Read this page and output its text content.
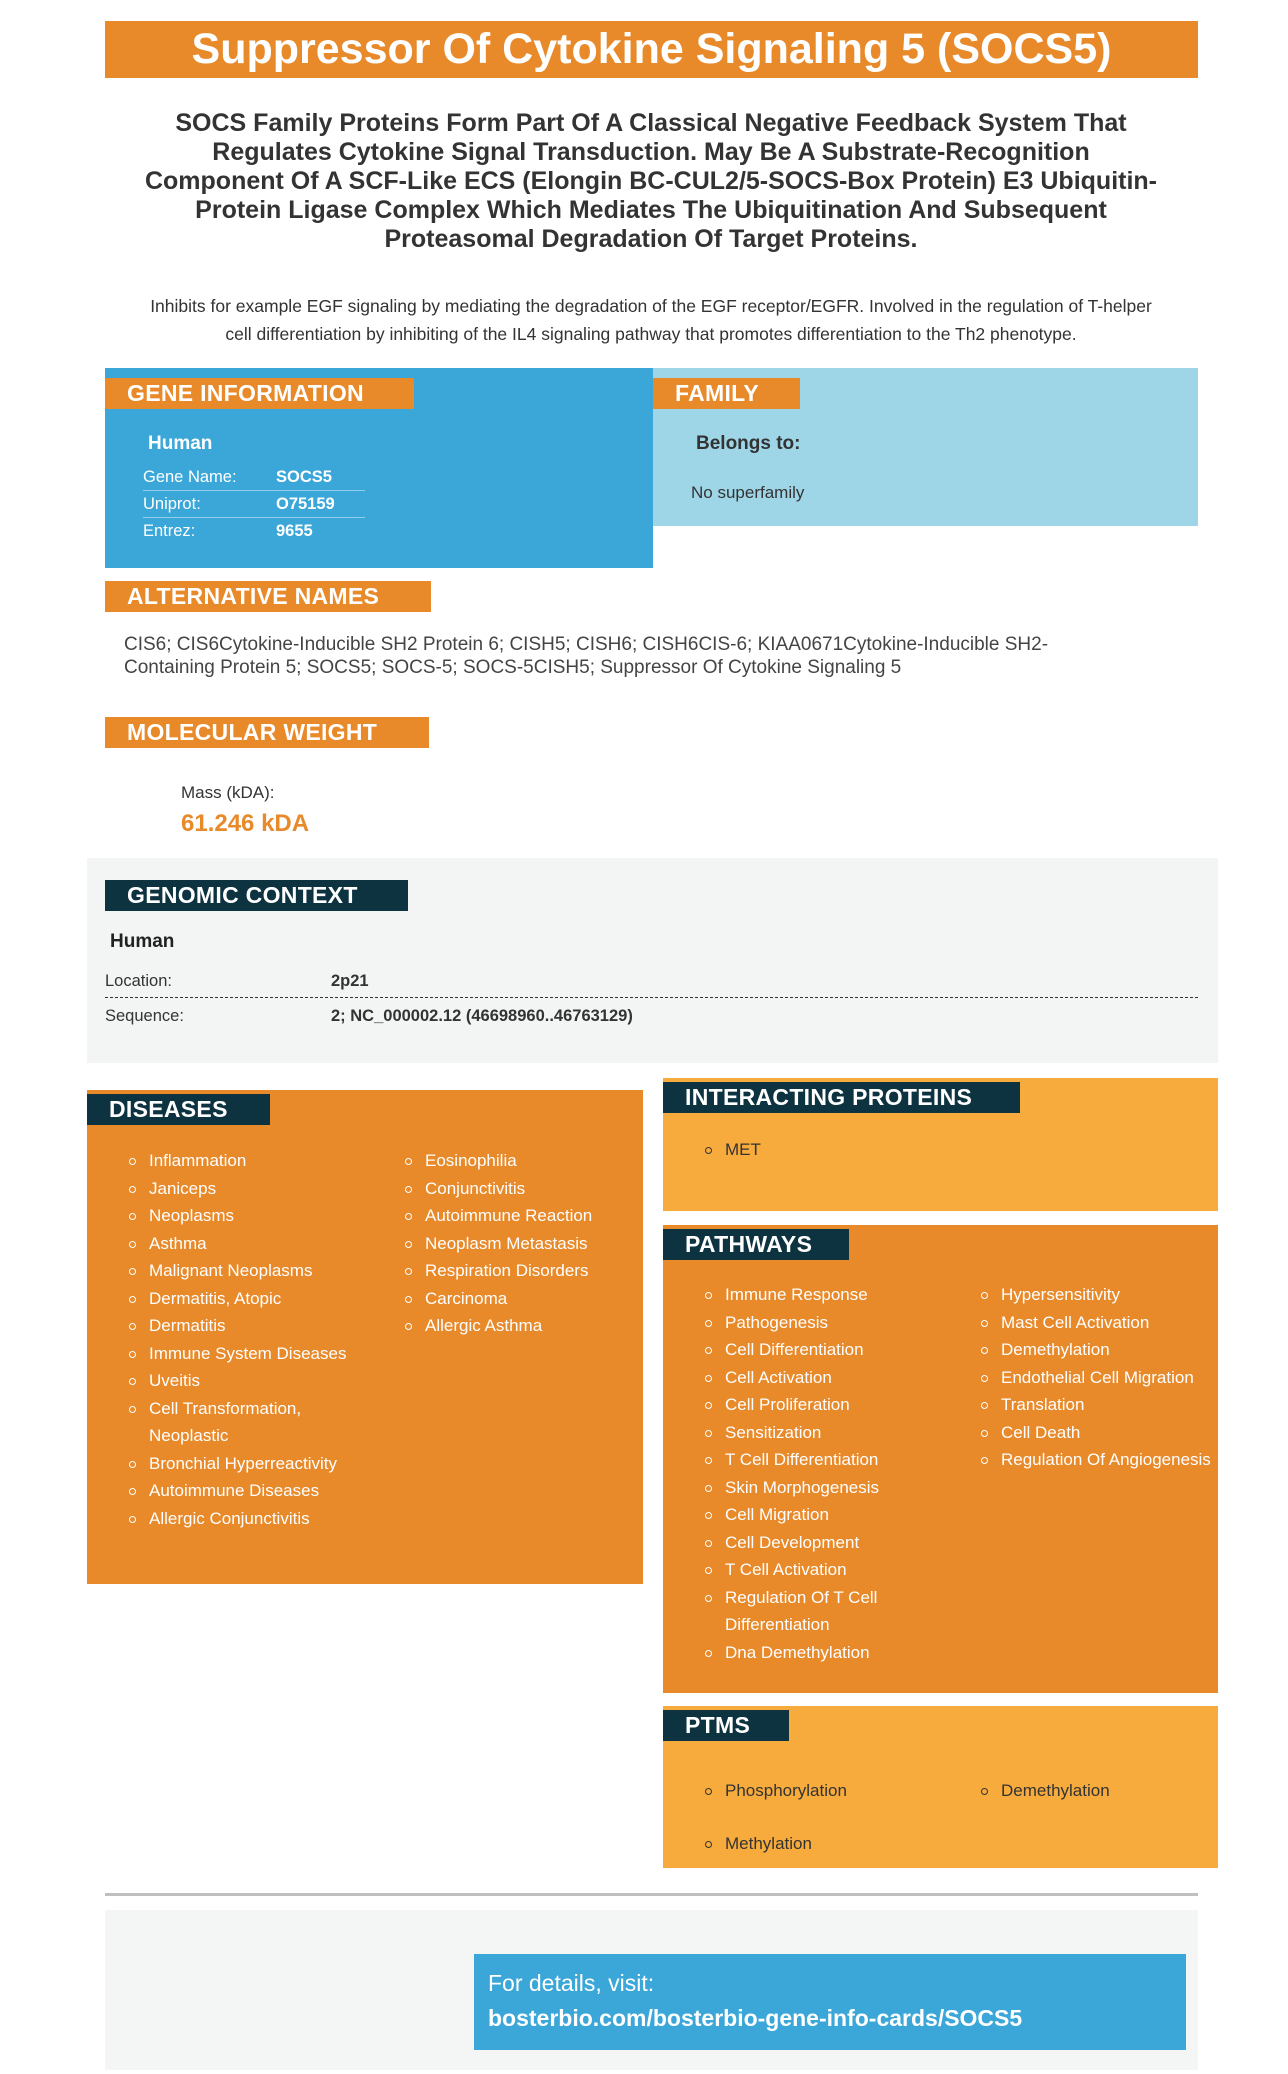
Suppressor Of Cytokine Signaling 5 (SOCS5)
SOCS Family Proteins Form Part Of A Classical Negative Feedback System That Regulates Cytokine Signal Transduction. May Be A Substrate-Recognition Component Of A SCF-Like ECS (Elongin BC-CUL2/5-SOCS-Box Protein) E3 Ubiquitin-Protein Ligase Complex Which Mediates The Ubiquitination And Subsequent Proteasomal Degradation Of Target Proteins.
Inhibits for example EGF signaling by mediating the degradation of the EGF receptor/EGFR. Involved in the regulation of T-helper cell differentiation by inhibiting of the IL4 signaling pathway that promotes differentiation to the Th2 phenotype.
GENE INFORMATION
Human
Gene Name: SOCS5
Uniprot:	O75159
Entrez:	9655
FAMILY
Belongs to:
No superfamily
ALTERNATIVE NAMES
CIS6; CIS6Cytokine-Inducible SH2 Protein 6; CISH5; CISH6; CISH6CIS-6; KIAA0671Cytokine-Inducible SH2-Containing Protein 5; SOCS5; SOCS-5; SOCS-5CISH5; Suppressor Of Cytokine Signaling 5
MOLECULAR WEIGHT
Mass (kDA):
61.246 kDA
GENOMIC CONTEXT
Human
Location:	2p21
Sequence:	2; NC_000002.12 (46698960..46763129)
DISEASES
Inflammation
Janiceps
Neoplasms
Asthma
Malignant Neoplasms
Dermatitis, Atopic
Dermatitis
Immune System Diseases
Uveitis
Cell Transformation, Neoplastic
Bronchial Hyperreactivity
Autoimmune Diseases
Allergic Conjunctivitis
Eosinophilia
Conjunctivitis
Autoimmune Reaction
Neoplasm Metastasis
Respiration Disorders
Carcinoma
Allergic Asthma
INTERACTING PROTEINS
MET
PATHWAYS
Immune Response
Pathogenesis
Cell Differentiation
Cell Activation
Cell Proliferation
Sensitization
T Cell Differentiation
Skin Morphogenesis
Cell Migration
Cell Development
T Cell Activation
Regulation Of T Cell Differentiation
Dna Demethylation
Hypersensitivity
Mast Cell Activation
Demethylation
Endothelial Cell Migration
Translation
Cell Death
Regulation Of Angiogenesis
PTMS
Phosphorylation
Methylation
Demethylation
For details, visit:
bosterbio.com/bosterbio-gene-info-cards/SOCS5
